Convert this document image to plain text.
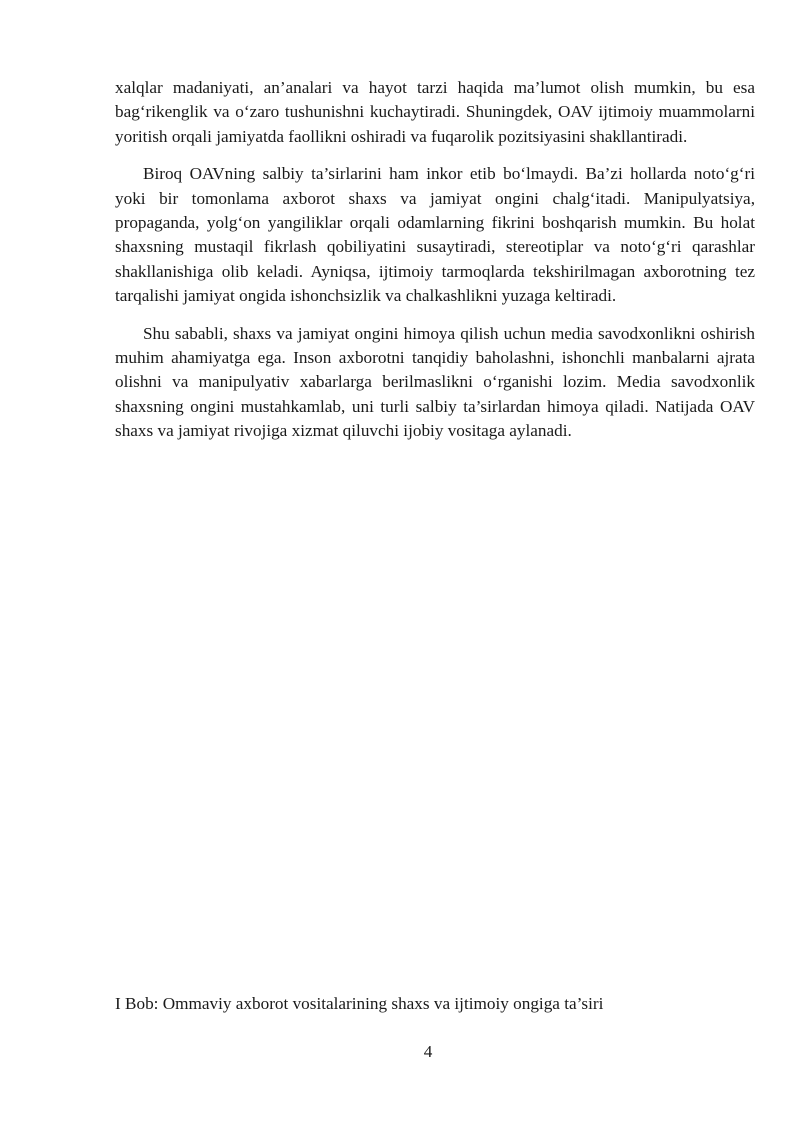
xalqlar madaniyati, an’analari va hayot tarzi haqida ma’lumot olish mumkin, bu esa bag‘rikenglik va o‘zaro tushunishni kuchaytiradi. Shuningdek, OAV ijtimoiy muammolarni yoritish orqali jamiyatda faollikni oshiradi va fuqarolik pozitsiyasini shakllantiradi.

Biroq OAVning salbiy ta’sirlarini ham inkor etib bo‘lmaydi. Ba’zi hollarda noto‘g‘ri yoki bir tomonlama axborot shaxs va jamiyat ongini chalg‘itadi. Manipulyatsiya, propaganda, yolg‘on yangiliklar orqali odamlarning fikrini boshqarish mumkin. Bu holat shaxsning mustaqil fikrlash qobiliyatini susaytiradi, stereotiplar va noto‘g‘ri qarashlar shakllanishiga olib keladi. Ayniqsa, ijtimoiy tarmoqlarda tekshirilmagan axborotning tez tarqalishi jamiyat ongida ishonchsizlik va chalkashlikni yuzaga keltiradi.

Shu sababli, shaxs va jamiyat ongini himoya qilish uchun media savodxonlikni oshirish muhim ahamiyatga ega. Inson axborotni tanqidiy baholashni, ishonchli manbalarni ajrata olishni va manipulyativ xabarlarga berilmaslikni o‘rganishi lozim. Media savodxonlik shaxsning ongini mustahkamlab, uni turli salbiy ta’sirlardan himoya qiladi. Natijada OAV shaxs va jamiyat rivojiga xizmat qiluvchi ijobiy vositaga aylanadi.

I Bob: Ommaviy axborot vositalarining shaxs va ijtimoiy ongiga ta’siri
4
